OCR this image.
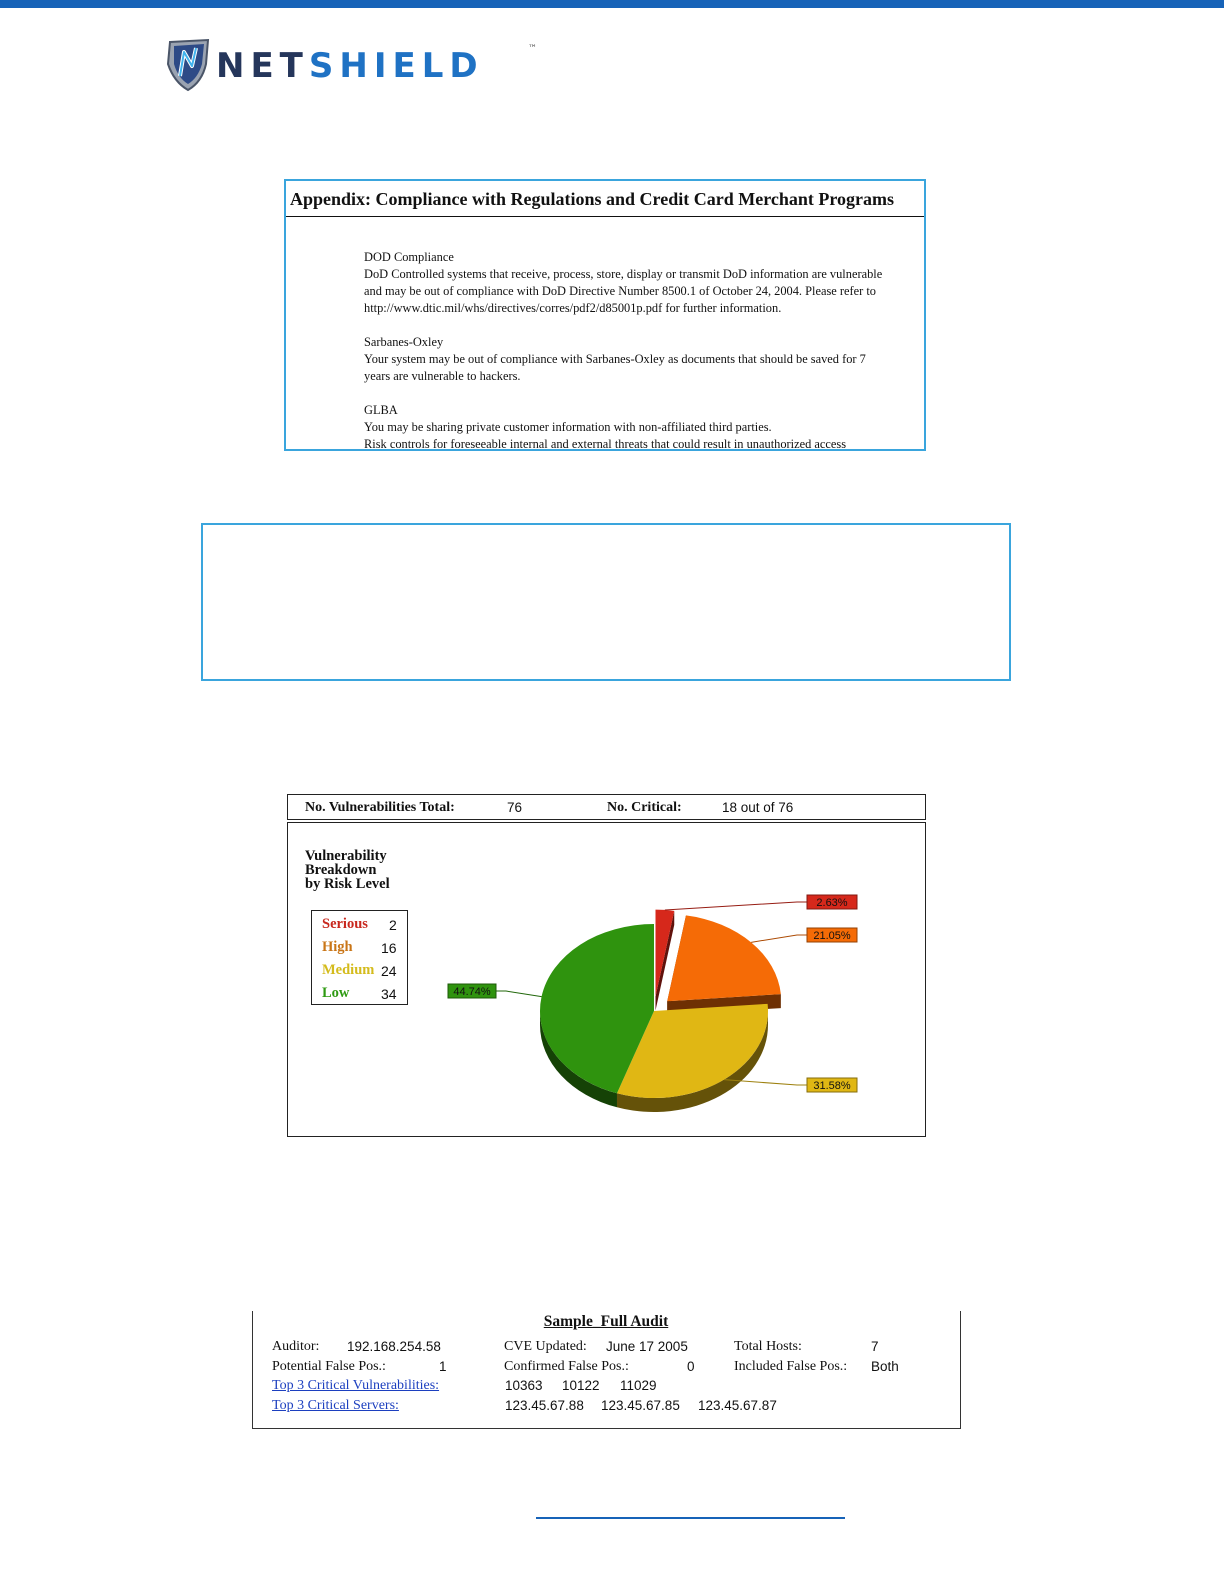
NETSHIELD	™
Appendix: Compliance with Regulations and Credit Card Merchant Programs
DOD Compliance
DoD Controlled systems that receive, process, store, display or transmit DoD information are vulnerable
and may be out of compliance with DoD Directive Number 8500.1 of October 24, 2004. Please refer to
http://www.dtic.mil/whs/directives/corres/pdf2/d85001p.pdf for further information.
Sarbanes-Oxley
Your system may be out of compliance with Sarbanes-Oxley as documents that should be saved for 7
years are vulnerable to hackers.
GLBA
You may be sharing private customer information with non-affiliated third parties.
Risk controls for foreseeable internal and external threats that could result in unauthorized access
No. Vulnerabilities Total:	76	No. Critical:	18 out of 76
Vulnerability
Breakdown
by Risk Level
Serious 2
High 16
Medium 24
Low 34
2.63%
21.05%
31.58%
44.74%
Sample_Full Audit
Auditor: 192.168.254.58	CVE Updated: June 17 2005	Total Hosts:	7
Potential False Pos.:	1	Confirmed False Pos.:	0	Included False Pos.: Both
Top 3 Critical Vulnerabilities:	10363 10122 11029
Top 3 Critical Servers:	123.45.67.88 123.45.67.85 123.45.67.87
